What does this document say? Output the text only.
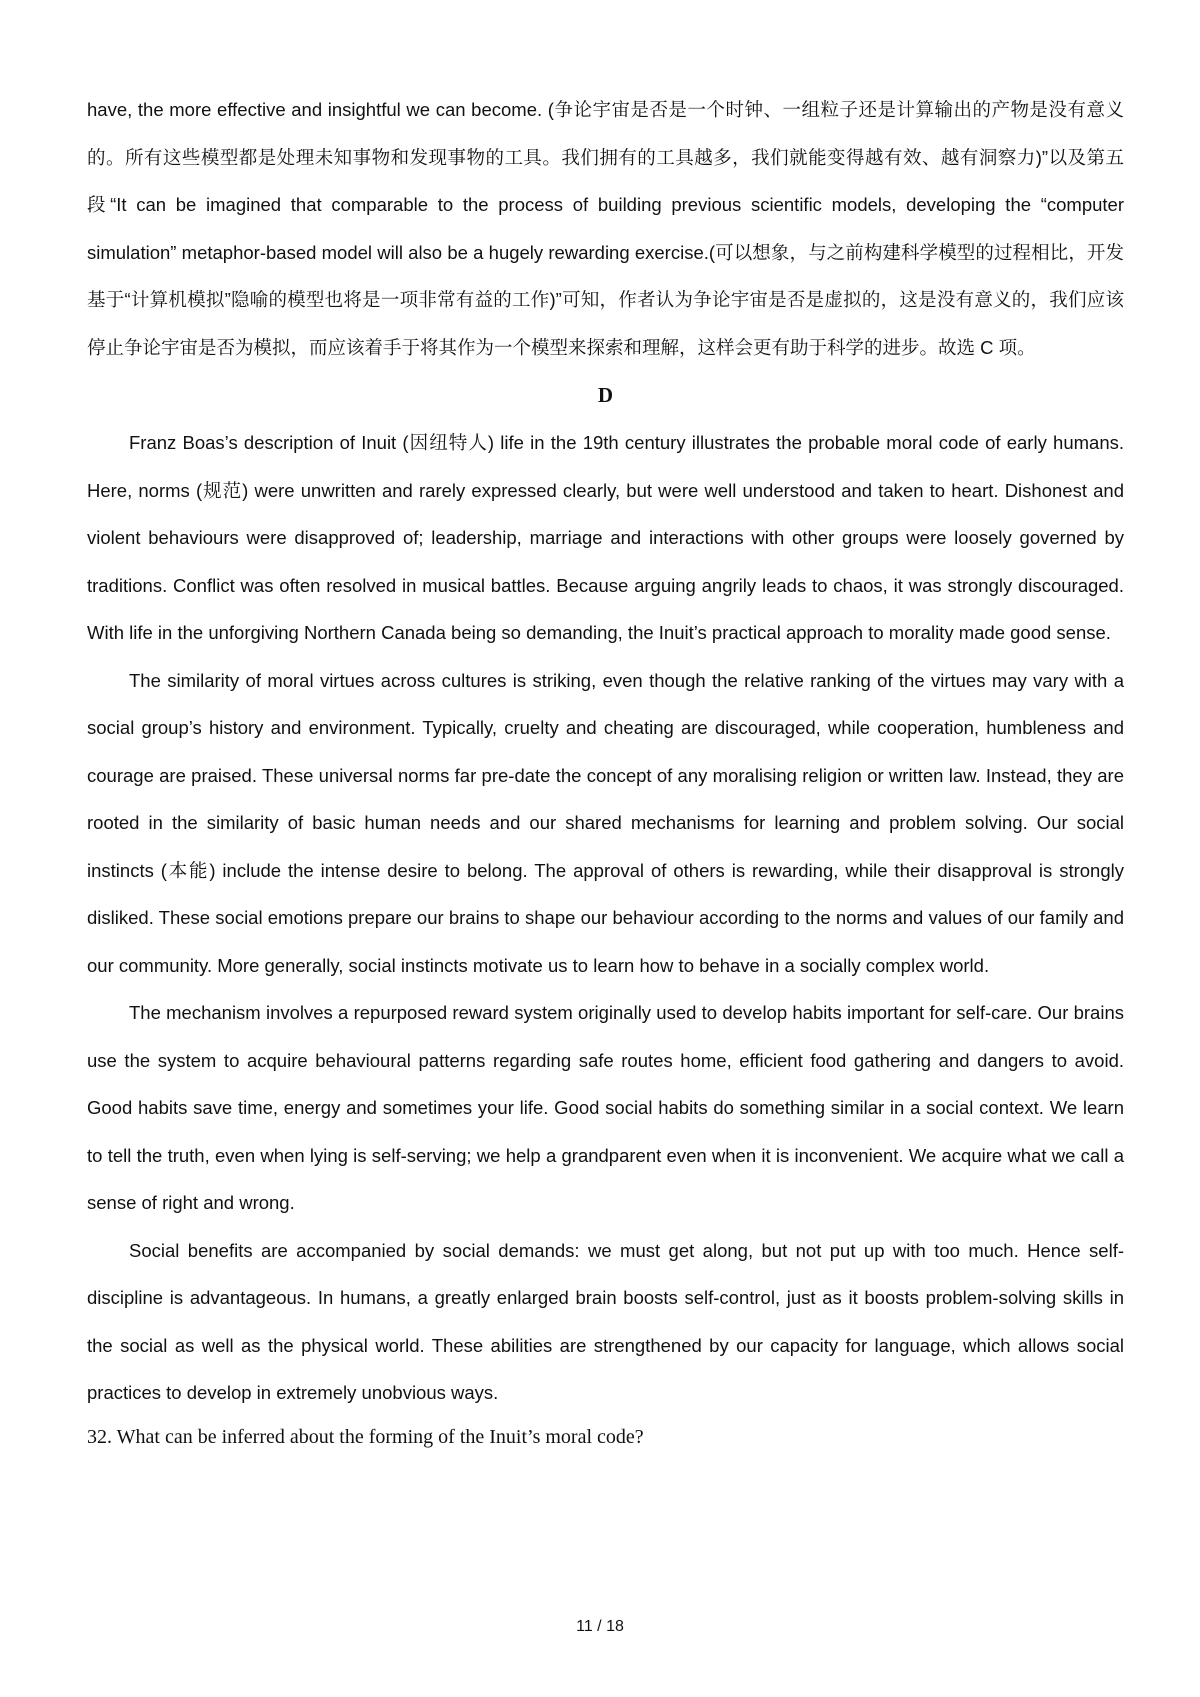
have, the more effective and insightful we can become. (争论宇宙是否是一个时钟、一组粒子还是计算输出的产物是没有意义的。所有这些模型都是处理未知事物和发现事物的工具。我们拥有的工具越多，我们就能变得越有效、越有洞察力)”以及第五段“It can be imagined that comparable to the process of building previous scientific models, developing the “computer simulation” metaphor-based model will also be a hugely rewarding exercise.(可以想象，与之前构建科学模型的过程相比，开发基于“计算机模拟”隐喻的模型也将是一项非常有益的工作)”可知，作者认为争论宇宙是否是虚拟的，这是没有意义的，我们应该停止争论宇宙是否为模拟，而应该着手于将其作为一个模型来探索和理解，这样会更有助于科学的进步。故选 C 项。

D

Franz Boas’s description of Inuit (因纽特人) life in the 19th century illustrates the probable moral code of early humans. Here, norms (规范) were unwritten and rarely expressed clearly, but were well understood and taken to heart. Dishonest and violent behaviours were disapproved of; leadership, marriage and interactions with other groups were loosely governed by traditions. Conflict was often resolved in musical battles. Because arguing angrily leads to chaos, it was strongly discouraged. With life in the unforgiving Northern Canada being so demanding, the Inuit’s practical approach to morality made good sense.

The similarity of moral virtues across cultures is striking, even though the relative ranking of the virtues may vary with a social group’s history and environment. Typically, cruelty and cheating are discouraged, while cooperation, humbleness and courage are praised. These universal norms far pre-date the concept of any moralising religion or written law. Instead, they are rooted in the similarity of basic human needs and our shared mechanisms for learning and problem solving. Our social instincts (本能) include the intense desire to belong. The approval of others is rewarding, while their disapproval is strongly disliked. These social emotions prepare our brains to shape our behaviour according to the norms and values of our family and our community. More generally, social instincts motivate us to learn how to behave in a socially complex world.

The mechanism involves a repurposed reward system originally used to develop habits important for self-care. Our brains use the system to acquire behavioural patterns regarding safe routes home, efficient food gathering and dangers to avoid. Good habits save time, energy and sometimes your life. Good social habits do something similar in a social context. We learn to tell the truth, even when lying is self-serving; we help a grandparent even when it is inconvenient. We acquire what we call a sense of right and wrong.

Social benefits are accompanied by social demands: we must get along, but not put up with too much. Hence self-discipline is advantageous. In humans, a greatly enlarged brain boosts self-control, just as it boosts problem-solving skills in the social as well as the physical world. These abilities are strengthened by our capacity for language, which allows social practices to develop in extremely unobvious ways.

32. What can be inferred about the forming of the Inuit’s moral code?

11 / 18
